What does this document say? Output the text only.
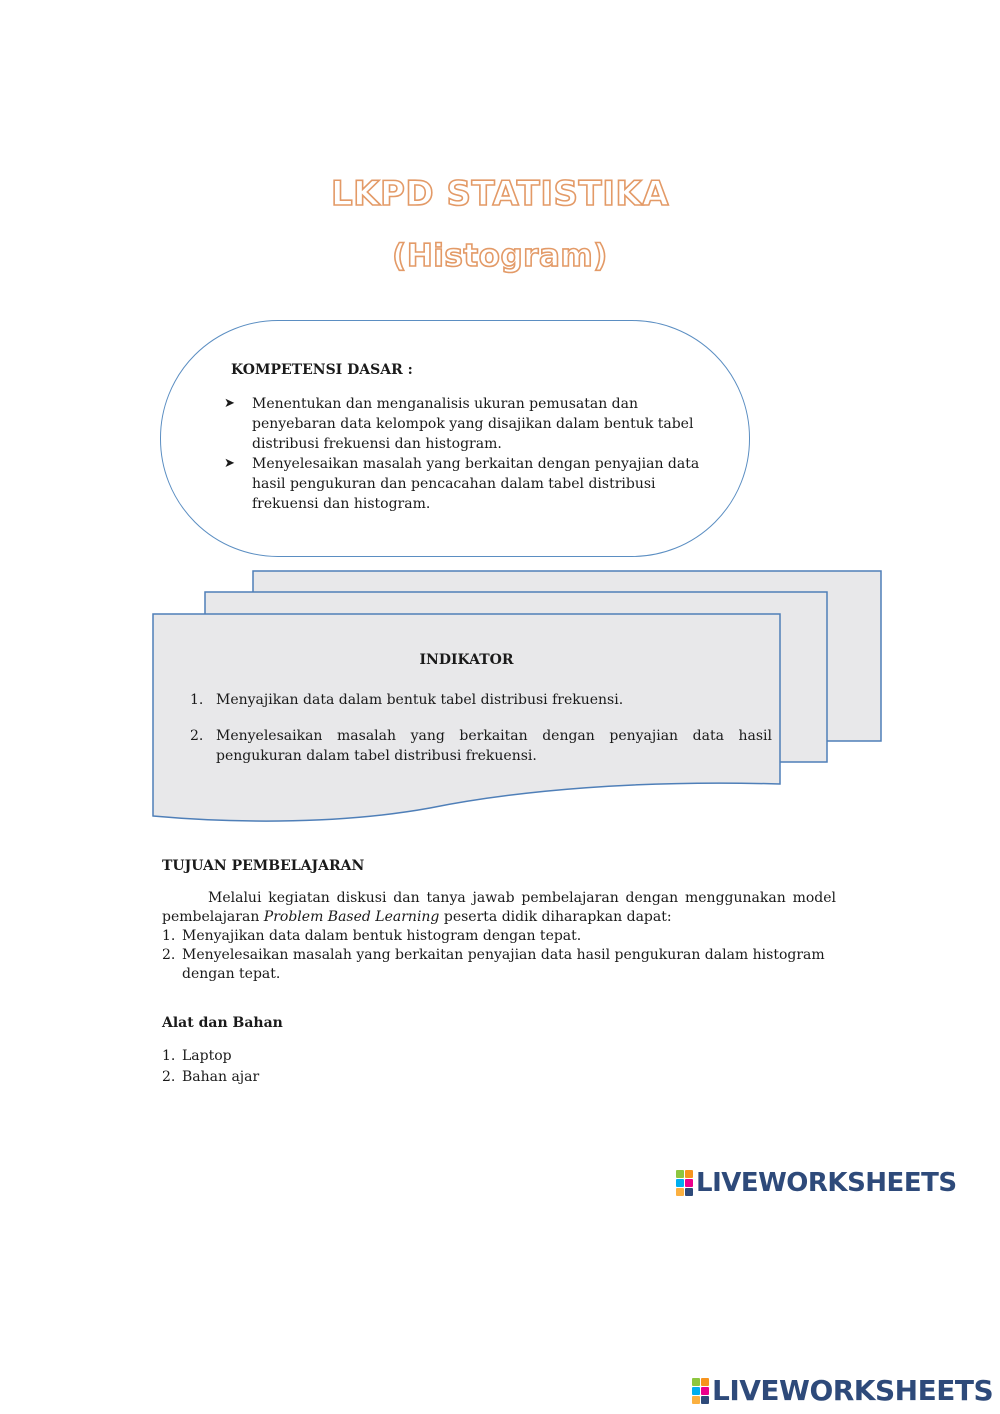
LKPD STATISTIKA
(Histogram)
KOMPETENSI DASAR :
➤ Menentukan dan menganalisis ukuran pemusatan dan penyebaran data kelompok yang disajikan dalam bentuk tabel distribusi frekuensi dan histogram.
➤ Menyelesaikan masalah yang berkaitan dengan penyajian data hasil pengukuran dan pencacahan dalam tabel distribusi frekuensi dan histogram.
INDIKATOR
1. Menyajikan data dalam bentuk tabel distribusi frekuensi.
2. Menyelesaikan masalah yang berkaitan dengan penyajian data hasil pengukuran dalam tabel distribusi frekuensi.
TUJUAN PEMBELAJARAN
Melalui kegiatan diskusi dan tanya jawab pembelajaran dengan menggunakan model pembelajaran Problem Based Learning peserta didik diharapkan dapat:
1. Menyajikan data dalam bentuk histogram dengan tepat.
2. Menyelesaikan masalah yang berkaitan penyajian data hasil pengukuran dalam histogram dengan tepat.
Alat dan Bahan
1. Laptop
2. Bahan ajar
LIVEWORKSHEETS
LIVEWORKSHEETS
